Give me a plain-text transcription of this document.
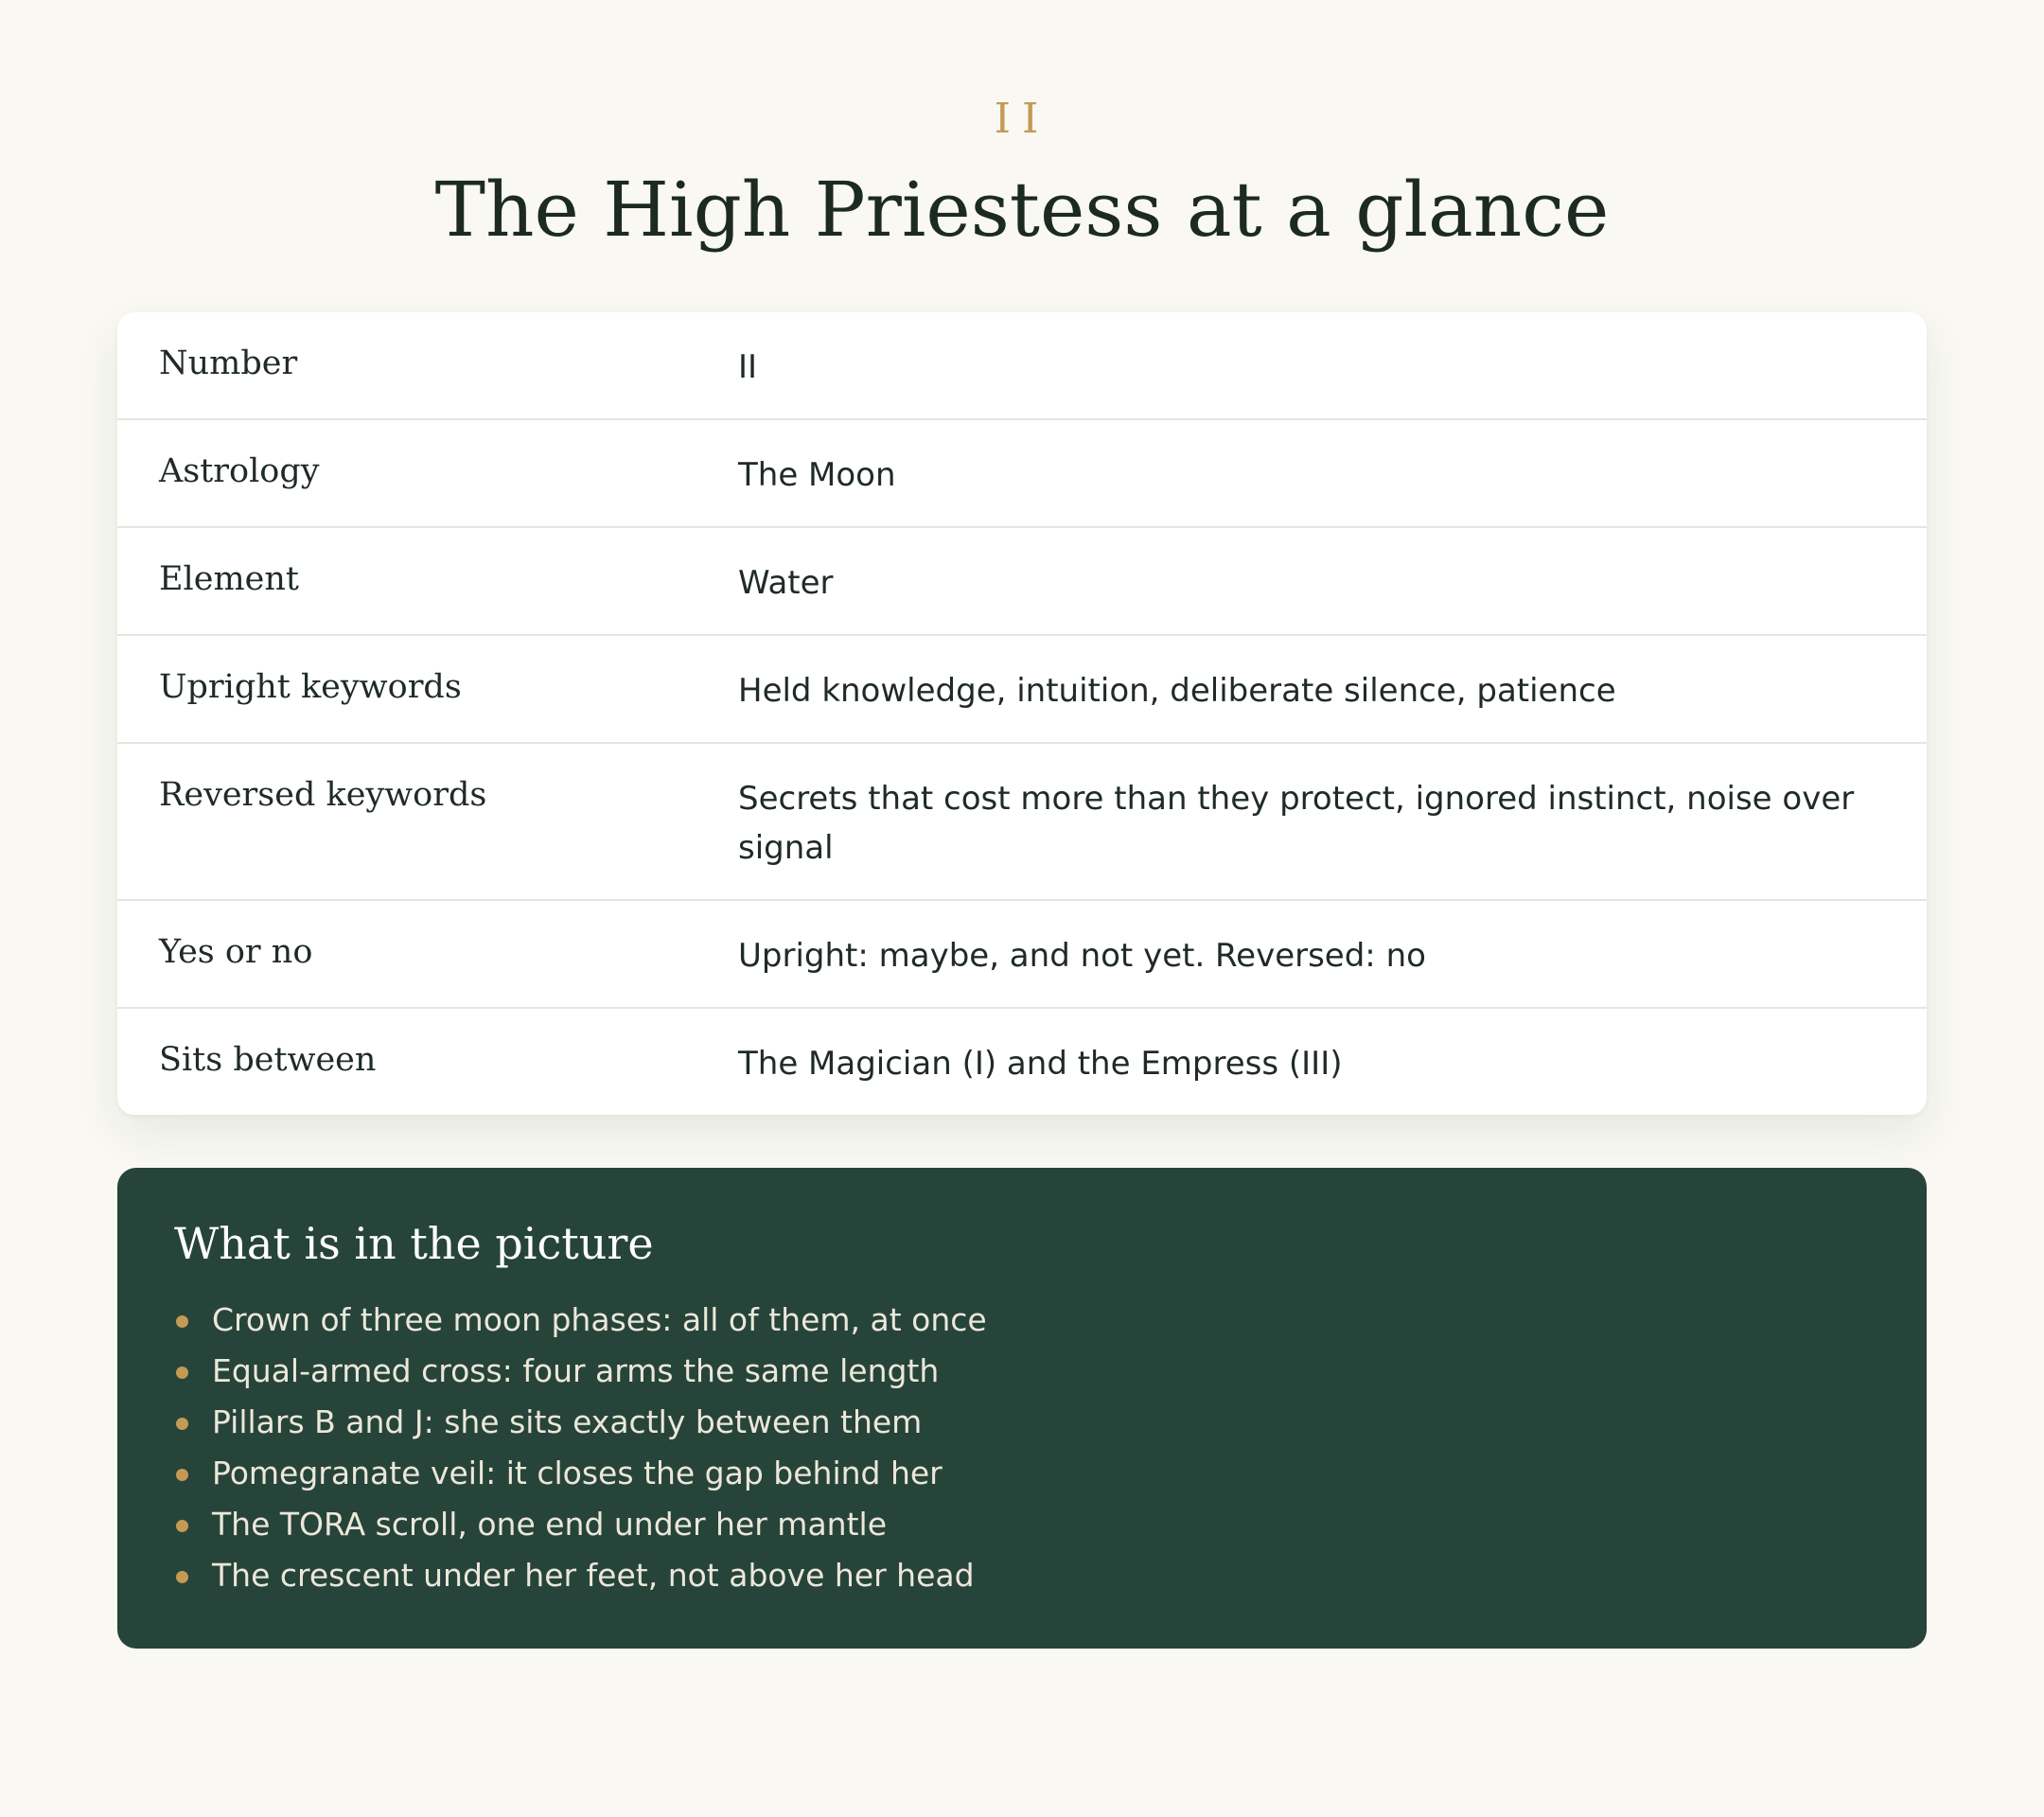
II
The High Priestess at a glance
Number	II
Astrology	The Moon
Element	Water
Upright keywords	Held knowledge, intuition, deliberate silence, patience
Reversed keywords	Secrets that cost more than they protect, ignored instinct, noise over signal
Yes or no	Upright: maybe, and not yet. Reversed: no
Sits between	The Magician (I) and the Empress (III)
What is in the picture
Crown of three moon phases: all of them, at once
Equal-armed cross: four arms the same length
Pillars B and J: she sits exactly between them
Pomegranate veil: it closes the gap behind her
The TORA scroll, one end under her mantle
The crescent under her feet, not above her head
